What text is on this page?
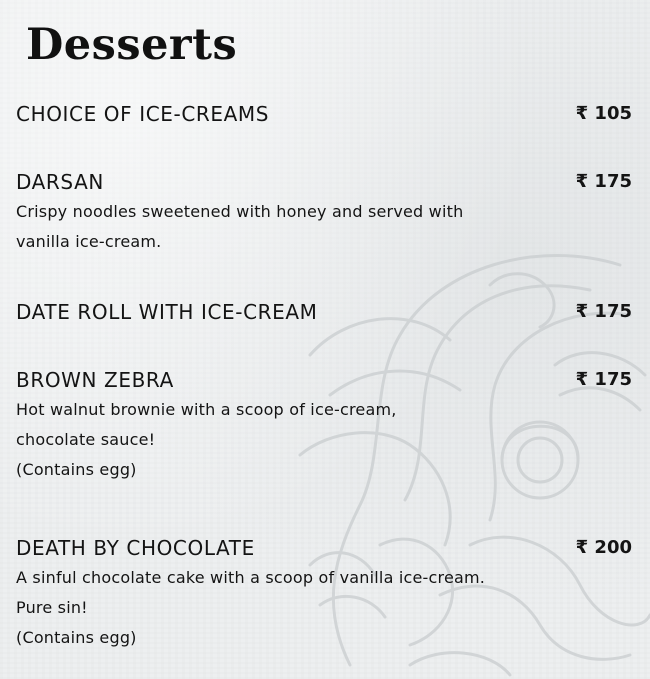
Desserts
CHOICE OF ICE-CREAMS	₹ 105
DARSAN	₹ 175
Crispy noodles sweetened with honey and served with
vanilla ice-cream.
DATE ROLL WITH ICE-CREAM	₹ 175
BROWN ZEBRA	₹ 175
Hot walnut brownie with a scoop of ice-cream,
chocolate sauce!
(Contains egg)
DEATH BY CHOCOLATE	₹ 200
A sinful chocolate cake with a scoop of vanilla ice-cream.
Pure sin!
(Contains egg)
